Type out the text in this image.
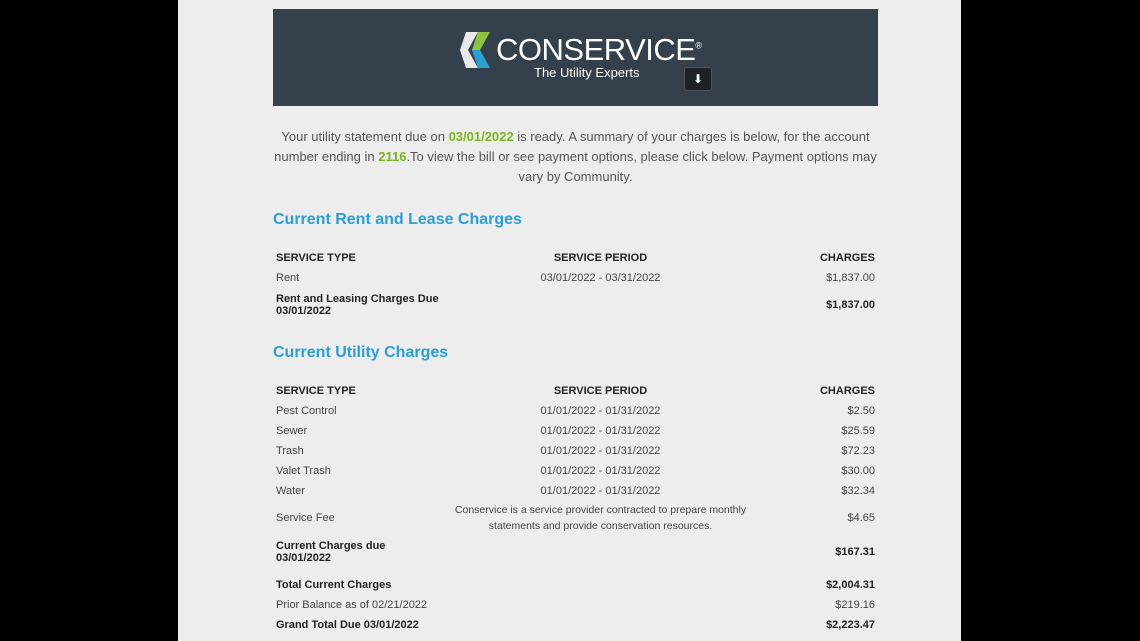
CONSERVICE®
The Utility Experts	⬇
Your utility statement due on 03/01/2022 is ready. A summary of your charges is below, for the account number ending in 2116.To view the bill or see payment options, please click below. Payment options may vary by Community.
Current Rent and Lease Charges
SERVICE TYPE	SERVICE PERIOD	CHARGES
Rent	03/01/2022 - 03/31/2022	$1,837.00
Rent and Leasing Charges Due
03/01/2022		$1,837.00
Current Utility Charges
SERVICE TYPE	SERVICE PERIOD	CHARGES
Pest Control	01/01/2022 - 01/31/2022	$2.50
Sewer	01/01/2022 - 01/31/2022	$25.59
Trash	01/01/2022 - 01/31/2022	$72.23
Valet Trash	01/01/2022 - 01/31/2022	$30.00
Water	01/01/2022 - 01/31/2022	$32.34
Service Fee	Conservice is a service provider contracted to prepare monthly statements and provide conservation resources.	$4.65
Current Charges due
03/01/2022		$167.31
Total Current Charges		$2,004.31
Prior Balance as of 02/21/2022		$219.16
Grand Total Due 03/01/2022		$2,223.47
